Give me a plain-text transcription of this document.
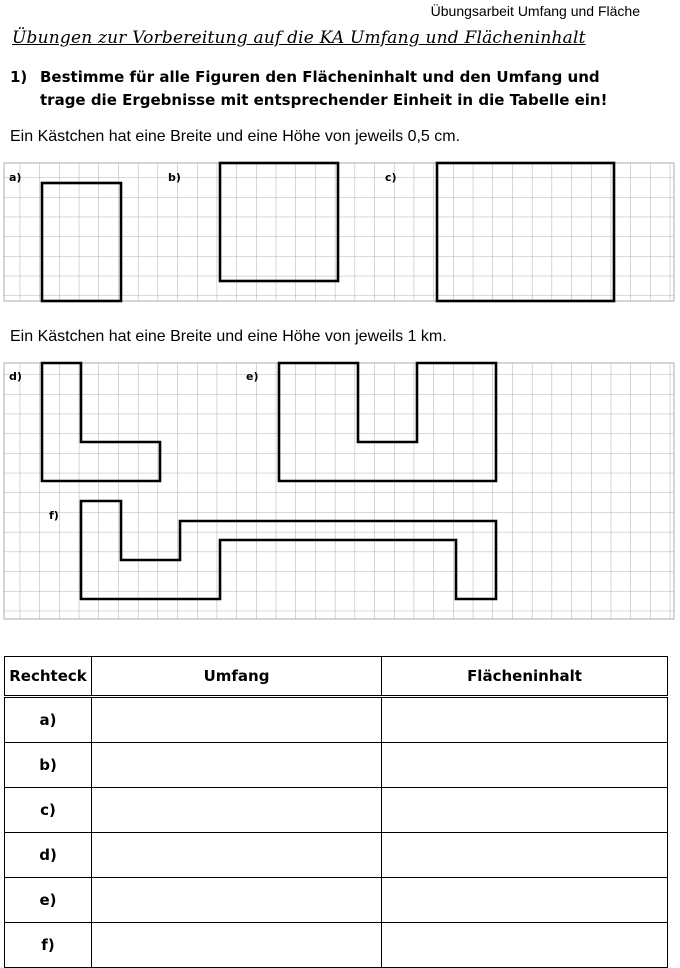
Übungsarbeit Umfang und Fläche
Übungen zur Vorbereitung auf die KA Umfang und Flächeninhalt
1) Bestimme für alle Figuren den Flächeninhalt und den Umfang und trage die Ergebnisse mit entsprechender Einheit in die Tabelle ein!
Ein Kästchen hat eine Breite und eine Höhe von jeweils 0,5 cm.
a)	b)	c)
d)	e)
f)
Ein Kästchen hat eine Breite und eine Höhe von jeweils 1 km.
Rechteck	Umfang	Flächeninhalt
a)		
b)		
c)		
d)		
e)		
f)		
